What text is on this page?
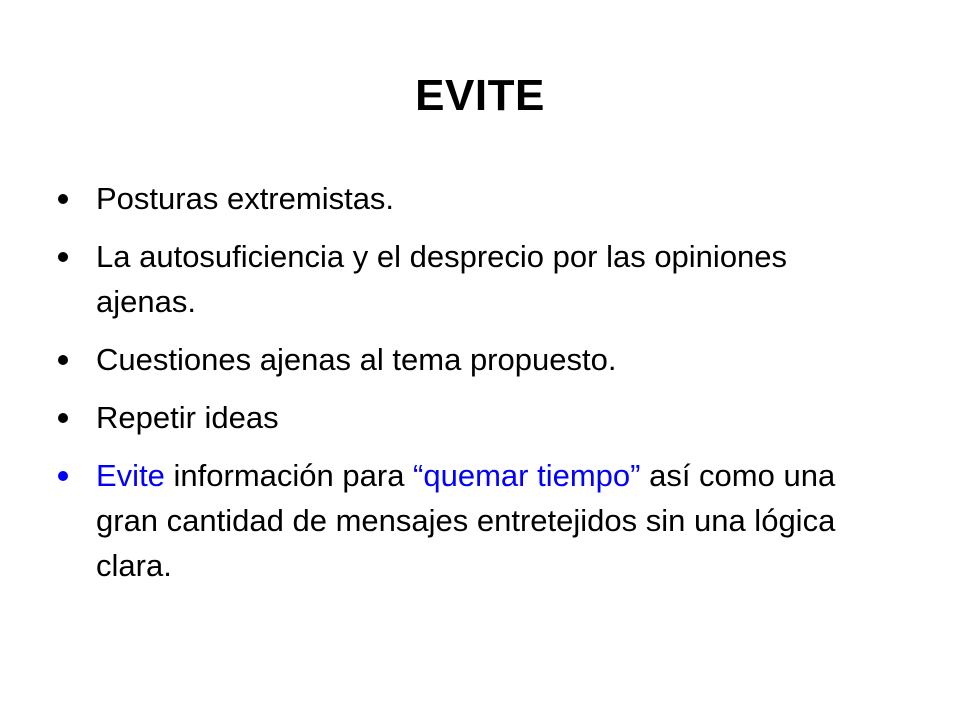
EVITE
Posturas extremistas.
La autosuficiencia y el desprecio por las opiniones ajenas.
Cuestiones ajenas al tema propuesto.
Repetir ideas
Evite información para “quemar tiempo” así como una gran cantidad de mensajes entretejidos sin una lógica clara.
